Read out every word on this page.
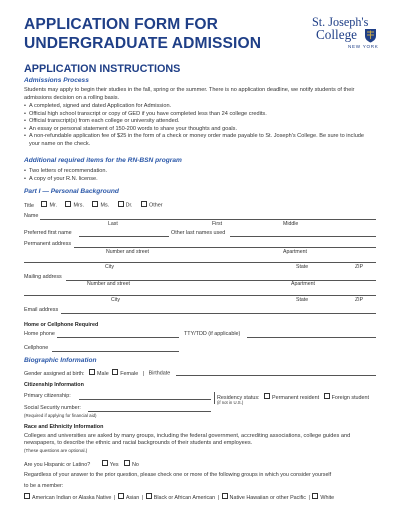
APPLICATION FORM FOR
UNDERGRADUATE ADMISSION
St. Joseph's
College
NEW YORK
APPLICATION INSTRUCTIONS
Admissions Process
Students may apply to begin their studies in the fall, spring or the summer. There is no application deadline, we notify students of their admissions decision on a rolling basis.
• A completed, signed and dated Application for Admission.
• Official high school transcript or copy of GED if you have completed less than 24 college credits.
• Official transcript(s) from each college or university attended.
• An essay or personal statement of 150-200 words to share your thoughts and goals.
• A non-refundable application fee of $25 in the form of a check or money order made payable to St. Joseph's College. Be sure to include your name on the check.
Additional required items for the RN-BSN program
• Two letters of recommendation.
• A copy of your R.N. license.
Part I — Personal Background
Title	Mr.	Mrs.	Ms.	Dr.	Other
Name
Last	First	Middle
Preferred first name	Other last names used
Permanent address
Number and street	Apartment
City	State	ZIP
Mailing address
Number and street	Apartment
City	State	ZIP
Email address
Home or Cellphone Required
Home phone	TTY/TDD (if applicable)
Cellphone
Biographic Information
Gender assigned at birth: Male Female | Birthdate
Citizenship Information
Primary citizenship:	Residency status: Permanent resident Foreign student
(if not in U.S.)
Social Security number:
(Required if applying for financial aid)
Race and Ethnicity Information
Colleges and universities are asked by many groups, including the federal government, accrediting associations, college guides and newspapers, to describe the ethnic and racial backgrounds of their students and employees.
(These questions are optional.)
Are you Hispanic or Latino?	Yes	No
Regardless of your answer to the prior question, please check one or more of the following groups in which you consider yourself
to be a member:
American Indian or Alaska Native | Asian | Black or African American | Native Hawaiian or other Pacific | White
